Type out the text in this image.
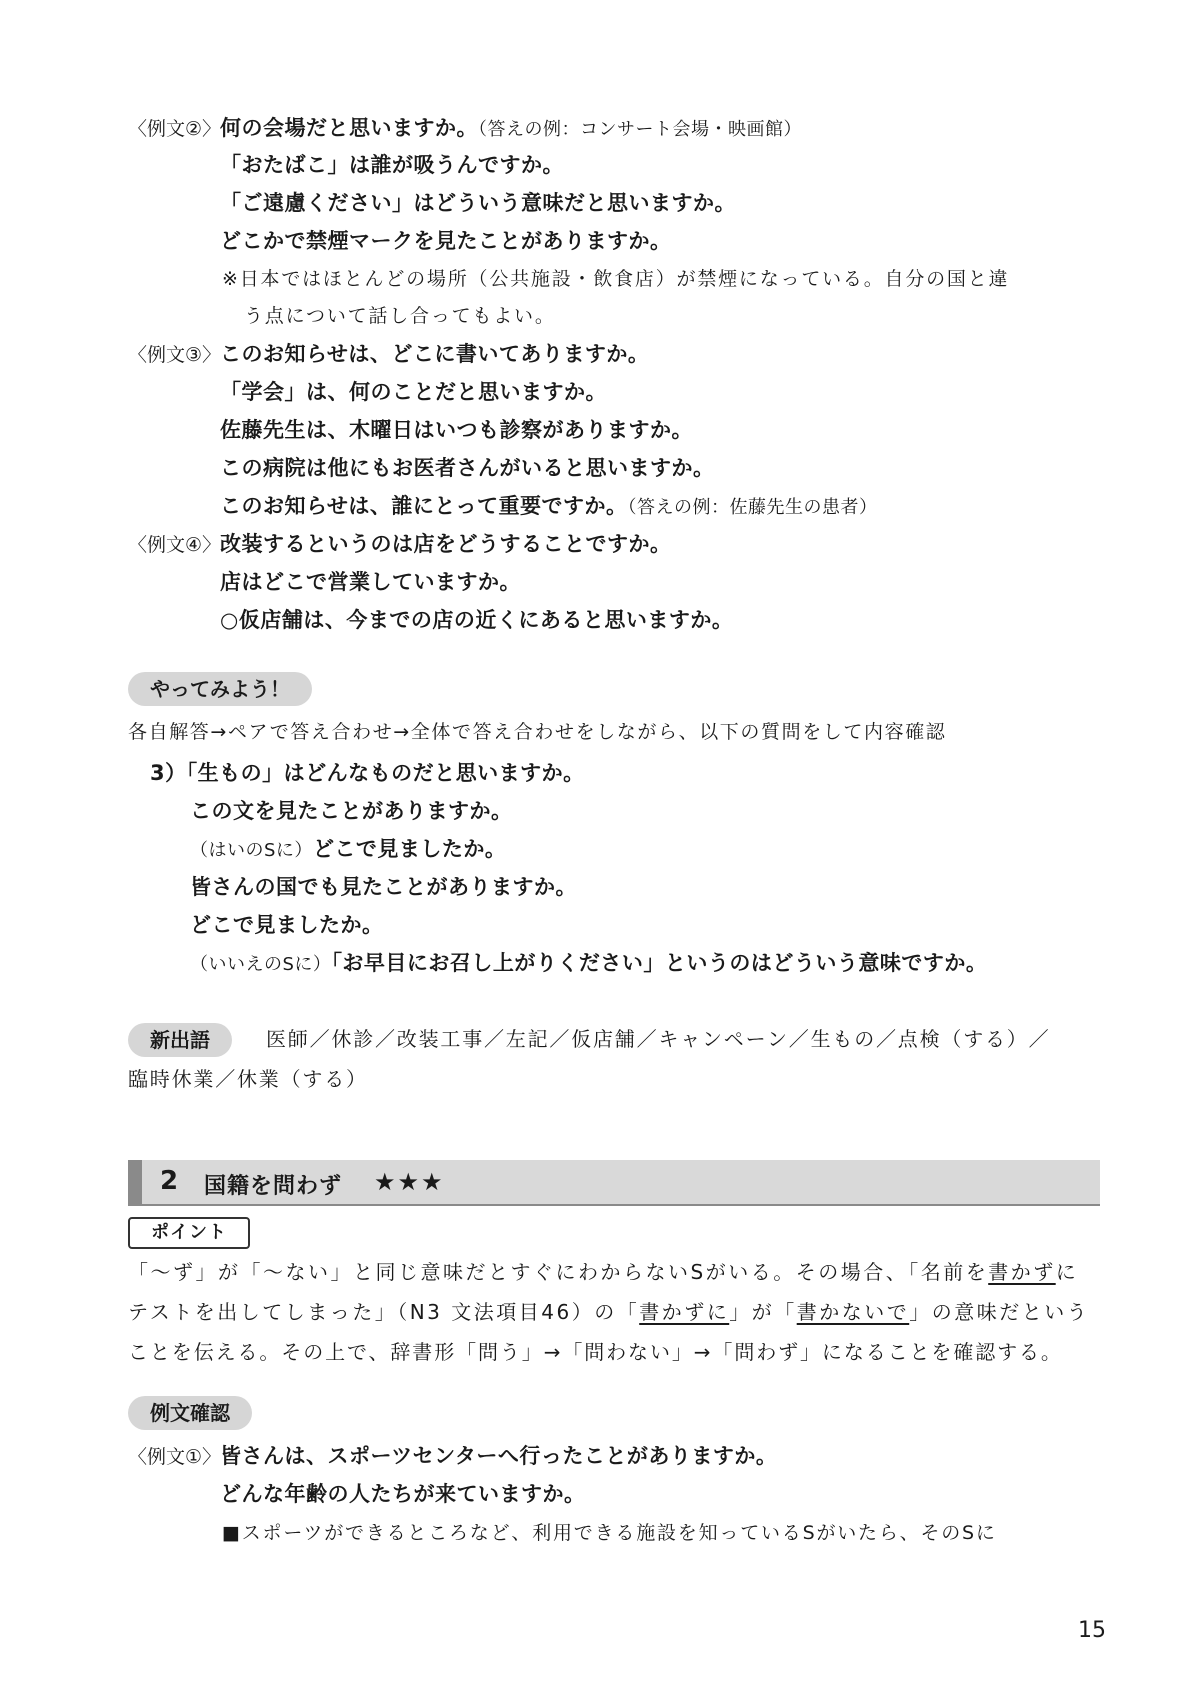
〈例文②〉
何の会場だと思いますか。（答えの例：コンサート会場・映画館）
「おたばこ」は誰が吸うんですか。
「ご遠慮ください」はどういう意味だと思いますか。
どこかで禁煙マークを見たことがありますか。
※日本ではほとんどの場所（公共施設・飲食店）が禁煙になっている。自分の国と違
う点について話し合ってもよい。
〈例文③〉
このお知らせは、どこに書いてありますか。
「学会」は、何のことだと思いますか。
佐藤先生は、木曜日はいつも診察がありますか。
この病院は他にもお医者さんがいると思いますか。
このお知らせは、誰にとって重要ですか。（答えの例：佐藤先生の患者）
〈例文④〉
改装するというのは店をどうすることですか。
店はどこで営業していますか。
○仮店舗は、今までの店の近くにあると思いますか。
やってみよう！
各自解答→ペアで答え合わせ→全体で答え合わせをしながら、以下の質問をして内容確認
3）「生もの」はどんなものだと思いますか。
この文を見たことがありますか。
（はいのSに）どこで見ましたか。
皆さんの国でも見たことがありますか。
どこで見ましたか。
（いいえのSに）「お早目にお召し上がりください」というのはどういう意味ですか。
新出語	医師／休診／改装工事／左記／仮店舗／キャンペーン／生もの／点検（する）／
臨時休業／休業（する）
2 国籍を問わず ★★★
ポイント
「～ず」が「～ない」と同じ意味だとすぐにわからないSがいる。その場合、「名前を書かずに
テストを出してしまった」（N3 文法項目46）の「書かずに」が「書かないで」の意味だという
ことを伝える。その上で、辞書形「問う」→「問わない」→「問わず」になることを確認する。
例文確認
〈例文①〉
皆さんは、スポーツセンターへ行ったことがありますか。
どんな年齢の人たちが来ていますか。
■スポーツができるところなど、利用できる施設を知っているSがいたら、そのSに
15
